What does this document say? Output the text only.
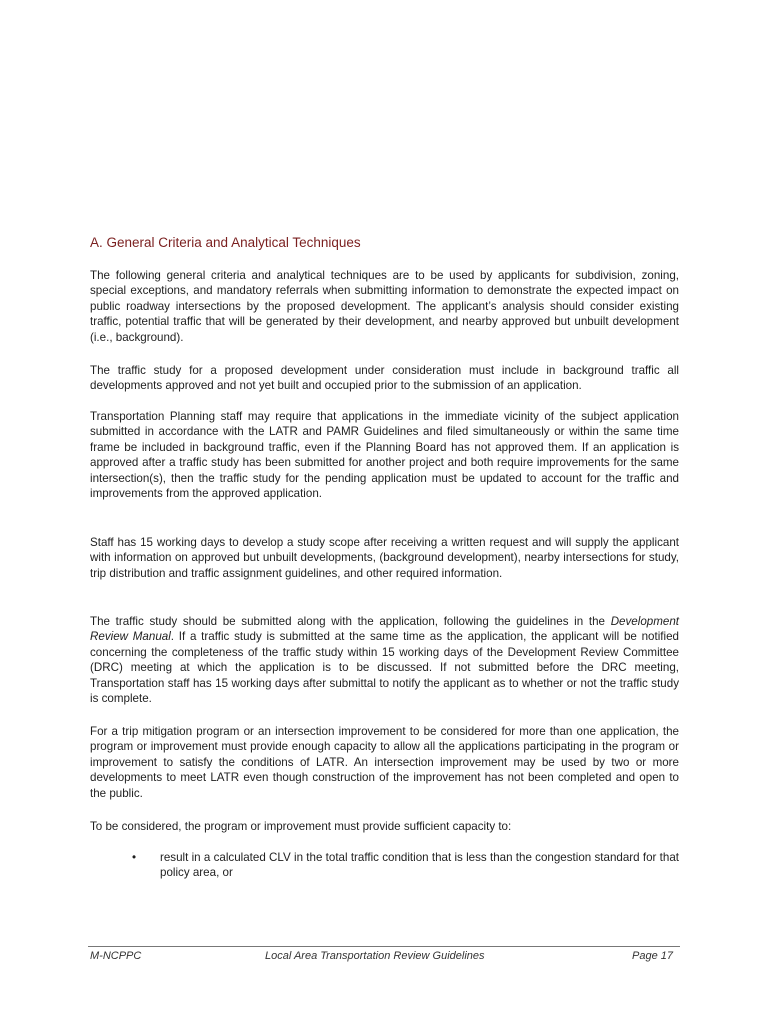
A. General Criteria and Analytical Techniques

The following general criteria and analytical techniques are to be used by applicants for subdivision, zoning, special exceptions, and mandatory referrals when submitting information to demonstrate the expected impact on public roadway intersections by the proposed development. The applicant’s analysis should consider existing traffic, potential traffic that will be generated by their development, and nearby approved but unbuilt development (i.e., background).

The traffic study for a proposed development under consideration must include in background traffic all developments approved and not yet built and occupied prior to the submission of an application.

Transportation Planning staff may require that applications in the immediate vicinity of the subject application submitted in accordance with the LATR and PAMR Guidelines and filed simultaneously or within the same time frame be included in background traffic, even if the Planning Board has not approved them. If an application is approved after a traffic study has been submitted for another project and both require improvements for the same intersection(s), then the traffic study for the pending application must be updated to account for the traffic and improvements from the approved application.

Staff has 15 working days to develop a study scope after receiving a written request and will supply the applicant with information on approved but unbuilt developments, (background development), nearby intersections for study, trip distribution and traffic assignment guidelines, and other required information.

The traffic study should be submitted along with the application, following the guidelines in the Development Review Manual. If a traffic study is submitted at the same time as the application, the applicant will be notified concerning the completeness of the traffic study within 15 working days of the Development Review Committee (DRC) meeting at which the application is to be discussed. If not submitted before the DRC meeting, Transportation staff has 15 working days after submittal to notify the applicant as to whether or not the traffic study is complete.

For a trip mitigation program or an intersection improvement to be considered for more than one application, the program or improvement must provide enough capacity to allow all the applications participating in the program or improvement to satisfy the conditions of LATR. An intersection improvement may be used by two or more developments to meet LATR even though construction of the improvement has not been completed and open to the public.

To be considered, the program or improvement must provide sufficient capacity to:

• result in a calculated CLV in the total traffic condition that is less than the congestion standard for that policy area, or
M-NCPPC	Local Area Transportation Review Guidelines	Page 17
